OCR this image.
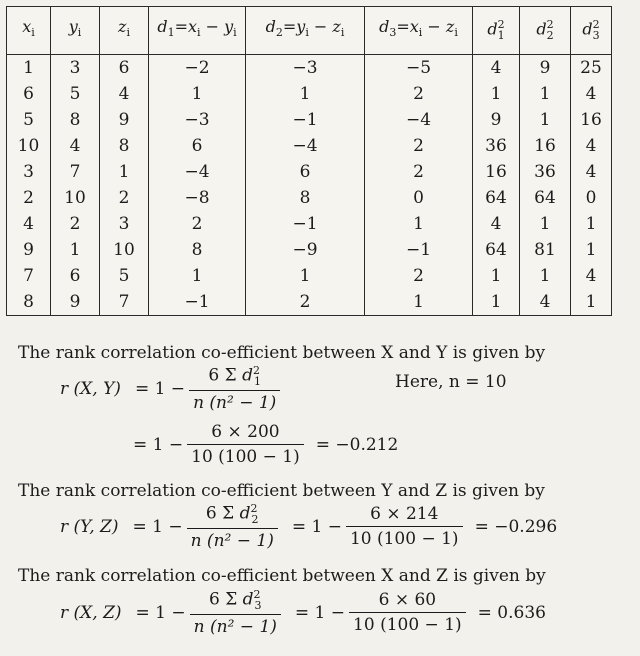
$x_i$	$y_i$	$z_i$	$d_1=x_i - y_i$	$d_2=y_i - z_i$	$d_3=x_i - z_i$	$d^2_1$	$d^2_2$	$d^2_3$
1	3	6	−2	−3	−5	4	9	25
6	5	4	1	1	2	1	1	4
5	8	9	−3	−1	−4	9	1	16
10	4	8	6	−4	2	36	16	4
3	7	1	−4	6	2	16	36	4
2	10	2	−8	8	0	64	64	0
4	2	3	2	−1	1	4	1	1
9	1	10	8	−9	−1	64	81	1
7	6	5	1	1	2	1	1	4
8	9	7	−1	2	1	1	4	1
The rank correlation co-efficient between X and Y is given by
r (X, $Y) = 1 - \frac{6 \Sigma d^2_1}{\text{n (n² − 1)}}$	Here, n = 10
= $1 - \frac{6 \times 200}{10 (100 - 1)} = -0.212$
The rank correlation co-efficient between Y and Z is given by
r (Y, $Z) = 1 - \frac{6 \Sigma d^2_2}{\text{n (n² − 1)}} = 1 - \frac{6 \times 214}{10 (100 - 1)} = -0.296$
The rank correlation co-efficient between X and Z is given by
r (X, $Z) = 1 - \frac{6 \Sigma d^2_3}{\text{n (n² − 1)}} = 1 - \frac{6 \times 60}{10 (100 - 1)} = 0.636$
